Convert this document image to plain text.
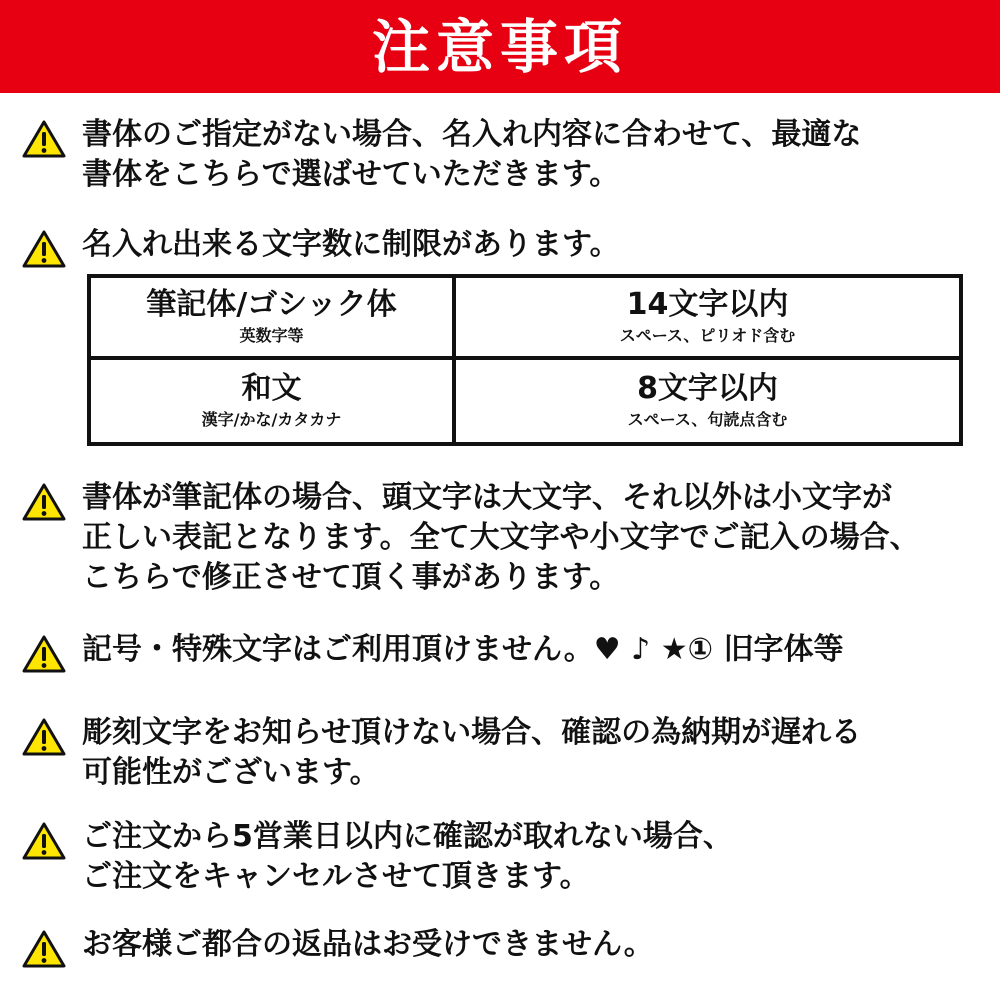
注意事項
書体のご指定がない場合、名入れ内容に合わせて、最適な
書体をこちらで選ばせていただきます。
名入れ出来る文字数に制限があります。
筆記体/ゴシック体
英数字等
14文字以内
スペース、ピリオド含む
和文
漢字/かな/カタカナ
8文字以内
スペース、句読点含む
書体が筆記体の場合、頭文字は大文字、それ以外は小文字が
正しい表記となります。全て大文字や小文字でご記入の場合、
こちらで修正させて頂く事があります。
記号・特殊文字はご利用頂けません。♥ ♪ ★① 旧字体等
彫刻文字をお知らせ頂けない場合、確認の為納期が遅れる
可能性がございます。
ご注文から5営業日以内に確認が取れない場合、
ご注文をキャンセルさせて頂きます。
お客様ご都合の返品はお受けできません。
